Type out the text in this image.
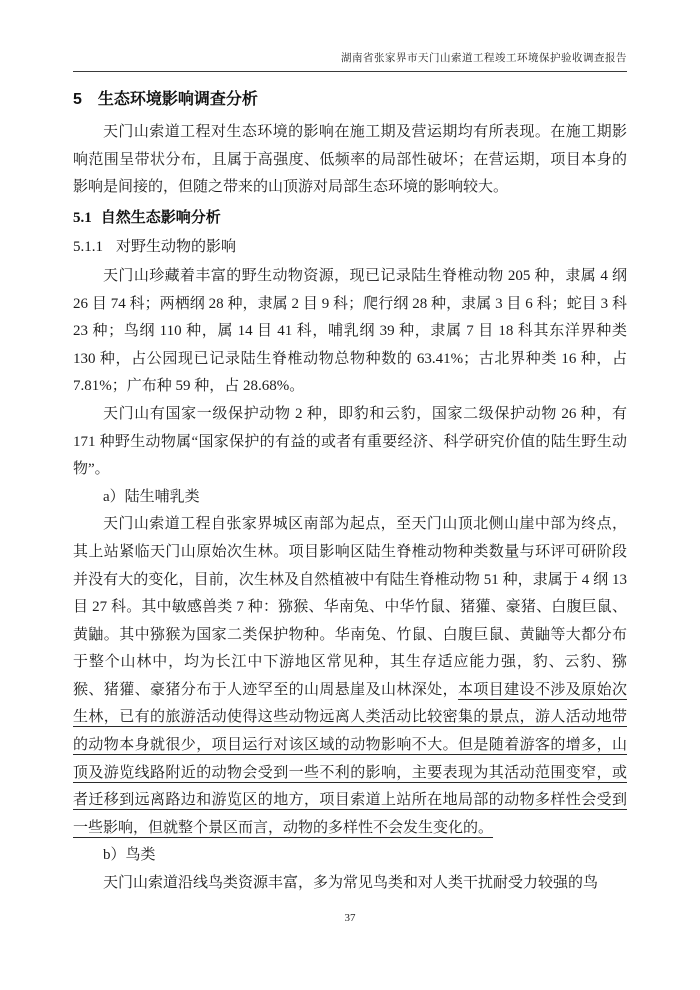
湖南省张家界市天门山索道工程竣工环境保护验收调查报告
5 生态环境影响调查分析

天门山索道工程对生态环境的影响在施工期及营运期均有所表现。在施工期影响范围呈带状分布，且属于高强度、低频率的局部性破坏；在营运期，项目本身的影响是间接的，但随之带来的山顶游对局部生态环境的影响较大。

5.1 自然生态影响分析
5.1.1 对野生动物的影响

天门山珍藏着丰富的野生动物资源，现已记录陆生脊椎动物 205 种，隶属 4 纲 26 目 74 科；两栖纲 28 种，隶属 2 目 9 科；爬行纲 28 种，隶属 3 目 6 科；蛇目 3 科 23 种；鸟纲 110 种，属 14 目 41 科，哺乳纲 39 种，隶属 7 目 18 科其东洋界种类 130 种，占公园现已记录陆生脊椎动物总物种数的 63.41%；古北界种类 16 种，占 7.81%；广布种 59 种，占 28.68%。

天门山有国家一级保护动物 2 种，即豹和云豹，国家二级保护动物 26 种，有 171 种野生动物属“国家保护的有益的或者有重要经济、科学研究价值的陆生野生动物”。

a）陆生哺乳类

天门山索道工程自张家界城区南部为起点，至天门山顶北侧山崖中部为终点，其上站紧临天门山原始次生林。项目影响区陆生脊椎动物种类数量与环评可研阶段并没有大的变化，目前，次生林及自然植被中有陆生脊椎动物 51 种，隶属于 4 纲 13 目 27 科。其中敏感兽类 7 种：猕猴、华南兔、中华竹鼠、猪獾、豪猪、白腹巨鼠、黄鼬。其中猕猴为国家二类保护物种。华南兔、竹鼠、白腹巨鼠、黄鼬等大都分布于整个山林中，均为长江中下游地区常见种，其生存适应能力强，豹、云豹、猕猴、猪獾、豪猪分布于人迹罕至的山周悬崖及山林深处，本项目建设不涉及原始次生林，已有的旅游活动使得这些动物远离人类活动比较密集的景点，游人活动地带的动物本身就很少，项目运行对该区域的动物影响不大。但是随着游客的增多，山顶及游览线路附近的动物会受到一些不利的影响，主要表现为其活动范围变窄，或者迁移到远离路边和游览区的地方，项目索道上站所在地局部的动物多样性会受到一些影响，但就整个景区而言，动物的多样性不会发生变化的。

b）鸟类

天门山索道沿线鸟类资源丰富，多为常见鸟类和对人类干扰耐受力较强的鸟

37
